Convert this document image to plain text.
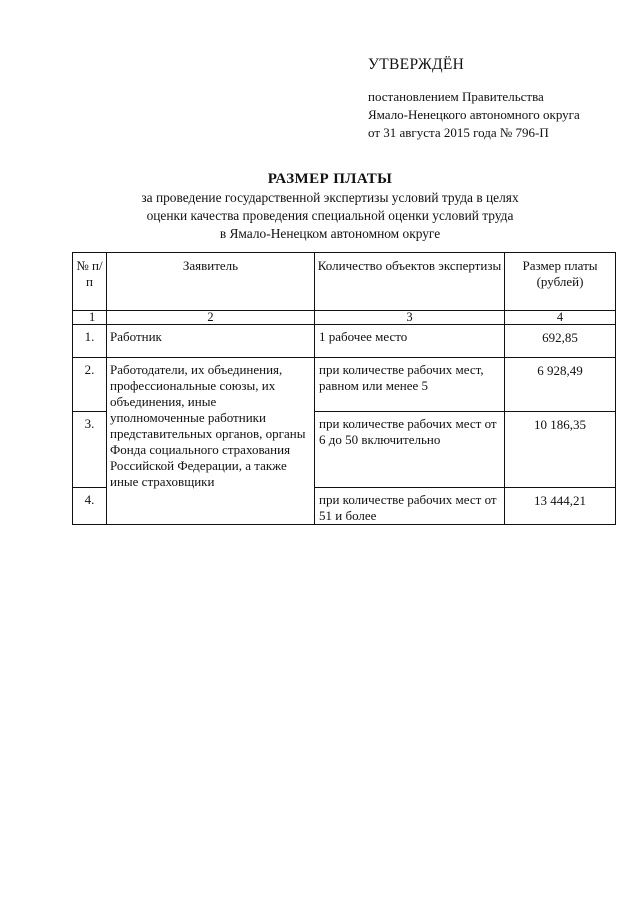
УТВЕРЖДЁН
постановлением Правительства
Ямало-Ненецкого автономного округа
от 31 августа 2015 года № 796-П
РАЗМЕР ПЛАТЫ
за проведение государственной экспертизы условий труда в целях
оценки качества проведения специальной оценки условий труда
в Ямало-Ненецком автономном округе
№ п/п	Заявитель	Количество объектов экспертизы	Размер платы (рублей)
1	2	3	4
1.	Работник	1 рабочее место	692,85
2.	Работодатели, их объединения, профессиональные союзы, их объединения, иные уполномоченные работники представительных органов, органы Фонда социального страхования Российской Федерации, а также иные страховщики	при количестве рабочих мест, равном или менее 5	6 928,49
3.		при количестве рабочих мест от 6 до 50 включительно	10 186,35
4.		при количестве рабочих мест от 51 и более	13 444,21
